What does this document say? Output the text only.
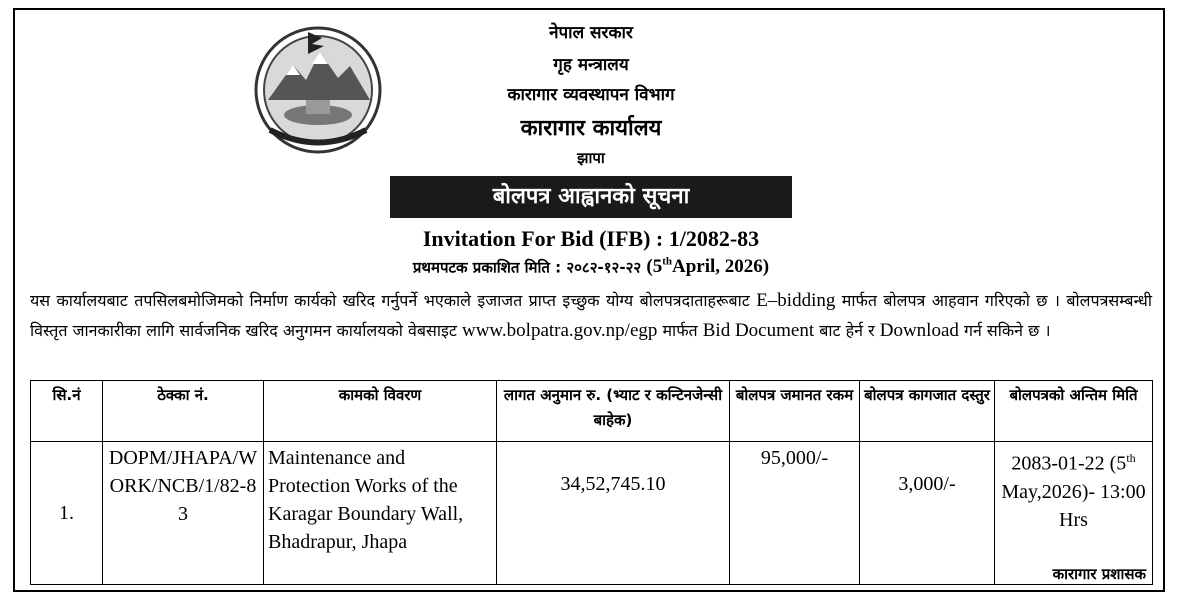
नेपाल सरकार
गृह मन्त्रालय
कारागार व्यवस्थापन विभाग
कारागार कार्यालय
झापा
बोलपत्र आह्वानको सूचना
Invitation For Bid (IFB) : 1/2082-83
प्रथमपटक प्रकाशित मिति : २०८२-१२-२२ (5thApril, 2026)
यस कार्यालयबाट तपसिलबमोजिमको निर्माण कार्यको खरिद गर्नुपर्ने भएकाले इजाजत प्राप्त इच्छुक योग्य बोलपत्रदाताहरूबाट E–bidding मार्फत बोलपत्र आहवान गरिएको छ । बोलपत्रसम्बन्धी विस्तृत जानकारीका लागि सार्वजनिक खरिद अनुगमन कार्यालयको वेबसाइट www.bolpatra.gov.np/egp मार्फत Bid Document बाट हेर्न र Download गर्न सकिने छ ।
सि.नं	ठेक्का नं.	कामको विवरण	लागत अनुमान रु. (भ्याट र कन्टिनजेन्सी बाहेक)	बोलपत्र जमानत रकम	बोलपत्र कागजात दस्तुर	बोलपत्रको अन्तिम मिति
1.	DOPM/JHAPA/WORK/NCB/1/82-83	Maintenance and Protection Works of the Karagar Boundary Wall, Bhadrapur, Jhapa	34,52,745.10	95,000/-	3,000/-	2083-01-22 (5th May,2026)- 13:00 Hrs
कारागार प्रशासक
